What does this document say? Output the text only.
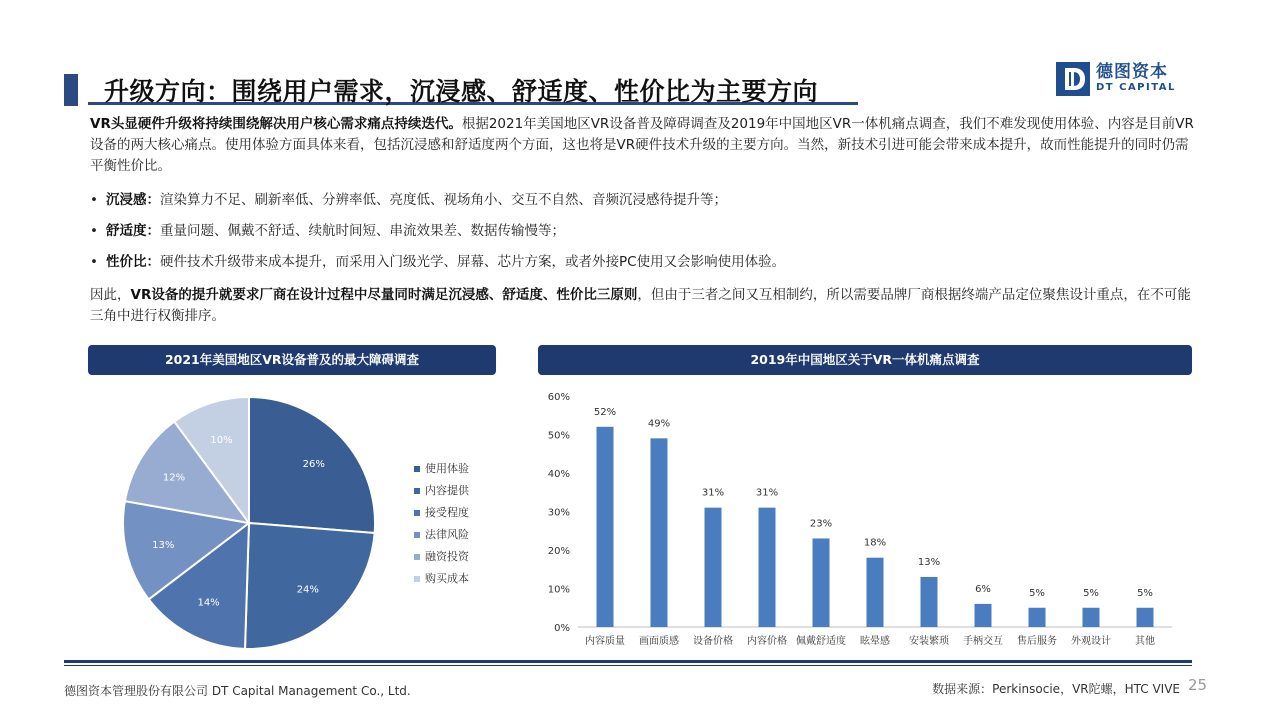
升级方向：围绕用户需求，沉浸感、舒适度、性价比为主要方向
德图资本
DT CAPITAL
VR头显硬件升级将持续围绕解决用户核心需求痛点持续迭代。根据2021年美国地区VR设备普及障碍调查及2019年中国地区VR一体机痛点调查，我们不难发现使用体验、内容是目前VR设备的两大核心痛点。使用体验方面具体来看，包括沉浸感和舒适度两个方面，这也将是VR硬件技术升级的主要方向。当然，新技术引进可能会带来成本提升，故而性能提升的同时仍需平衡性价比。
• 沉浸感：渲染算力不足、刷新率低、分辨率低、亮度低、视场角小、交互不自然、音频沉浸感待提升等；
• 舒适度：重量问题、佩戴不舒适、续航时间短、串流效果差、数据传输慢等；
• 性价比：硬件技术升级带来成本提升，而采用入门级光学、屏幕、芯片方案，或者外接PC使用又会影响使用体验。
因此，VR设备的提升就要求厂商在设计过程中尽量同时满足沉浸感、舒适度、性价比三原则，但由于三者之间又互相制约，所以需要品牌厂商根据终端产品定位聚焦设计重点，在不可能三角中进行权衡排序。
2021年美国地区VR设备普及的最大障碍调查	2019年中国地区关于VR一体机痛点调查
26%
24%
14%
13%
12%
10%
使用体验
内容提供
接受程度
法律风险
融资投资
购买成本
0%
10%
20%
30%
40%
50%
60%
52%
内容质量
49%
画面质感
31%
设备价格
31%
内容价格
23%
佩戴舒适度
18%
眩晕感
13%
安装繁琐
6%
手柄交互
5%
售后服务
5%
外观设计
5%
其他
德图资本管理股份有限公司 DT Capital Management Co., Ltd.	数据来源：Perkinsocie，VR陀螺，HTC VIVE 25
